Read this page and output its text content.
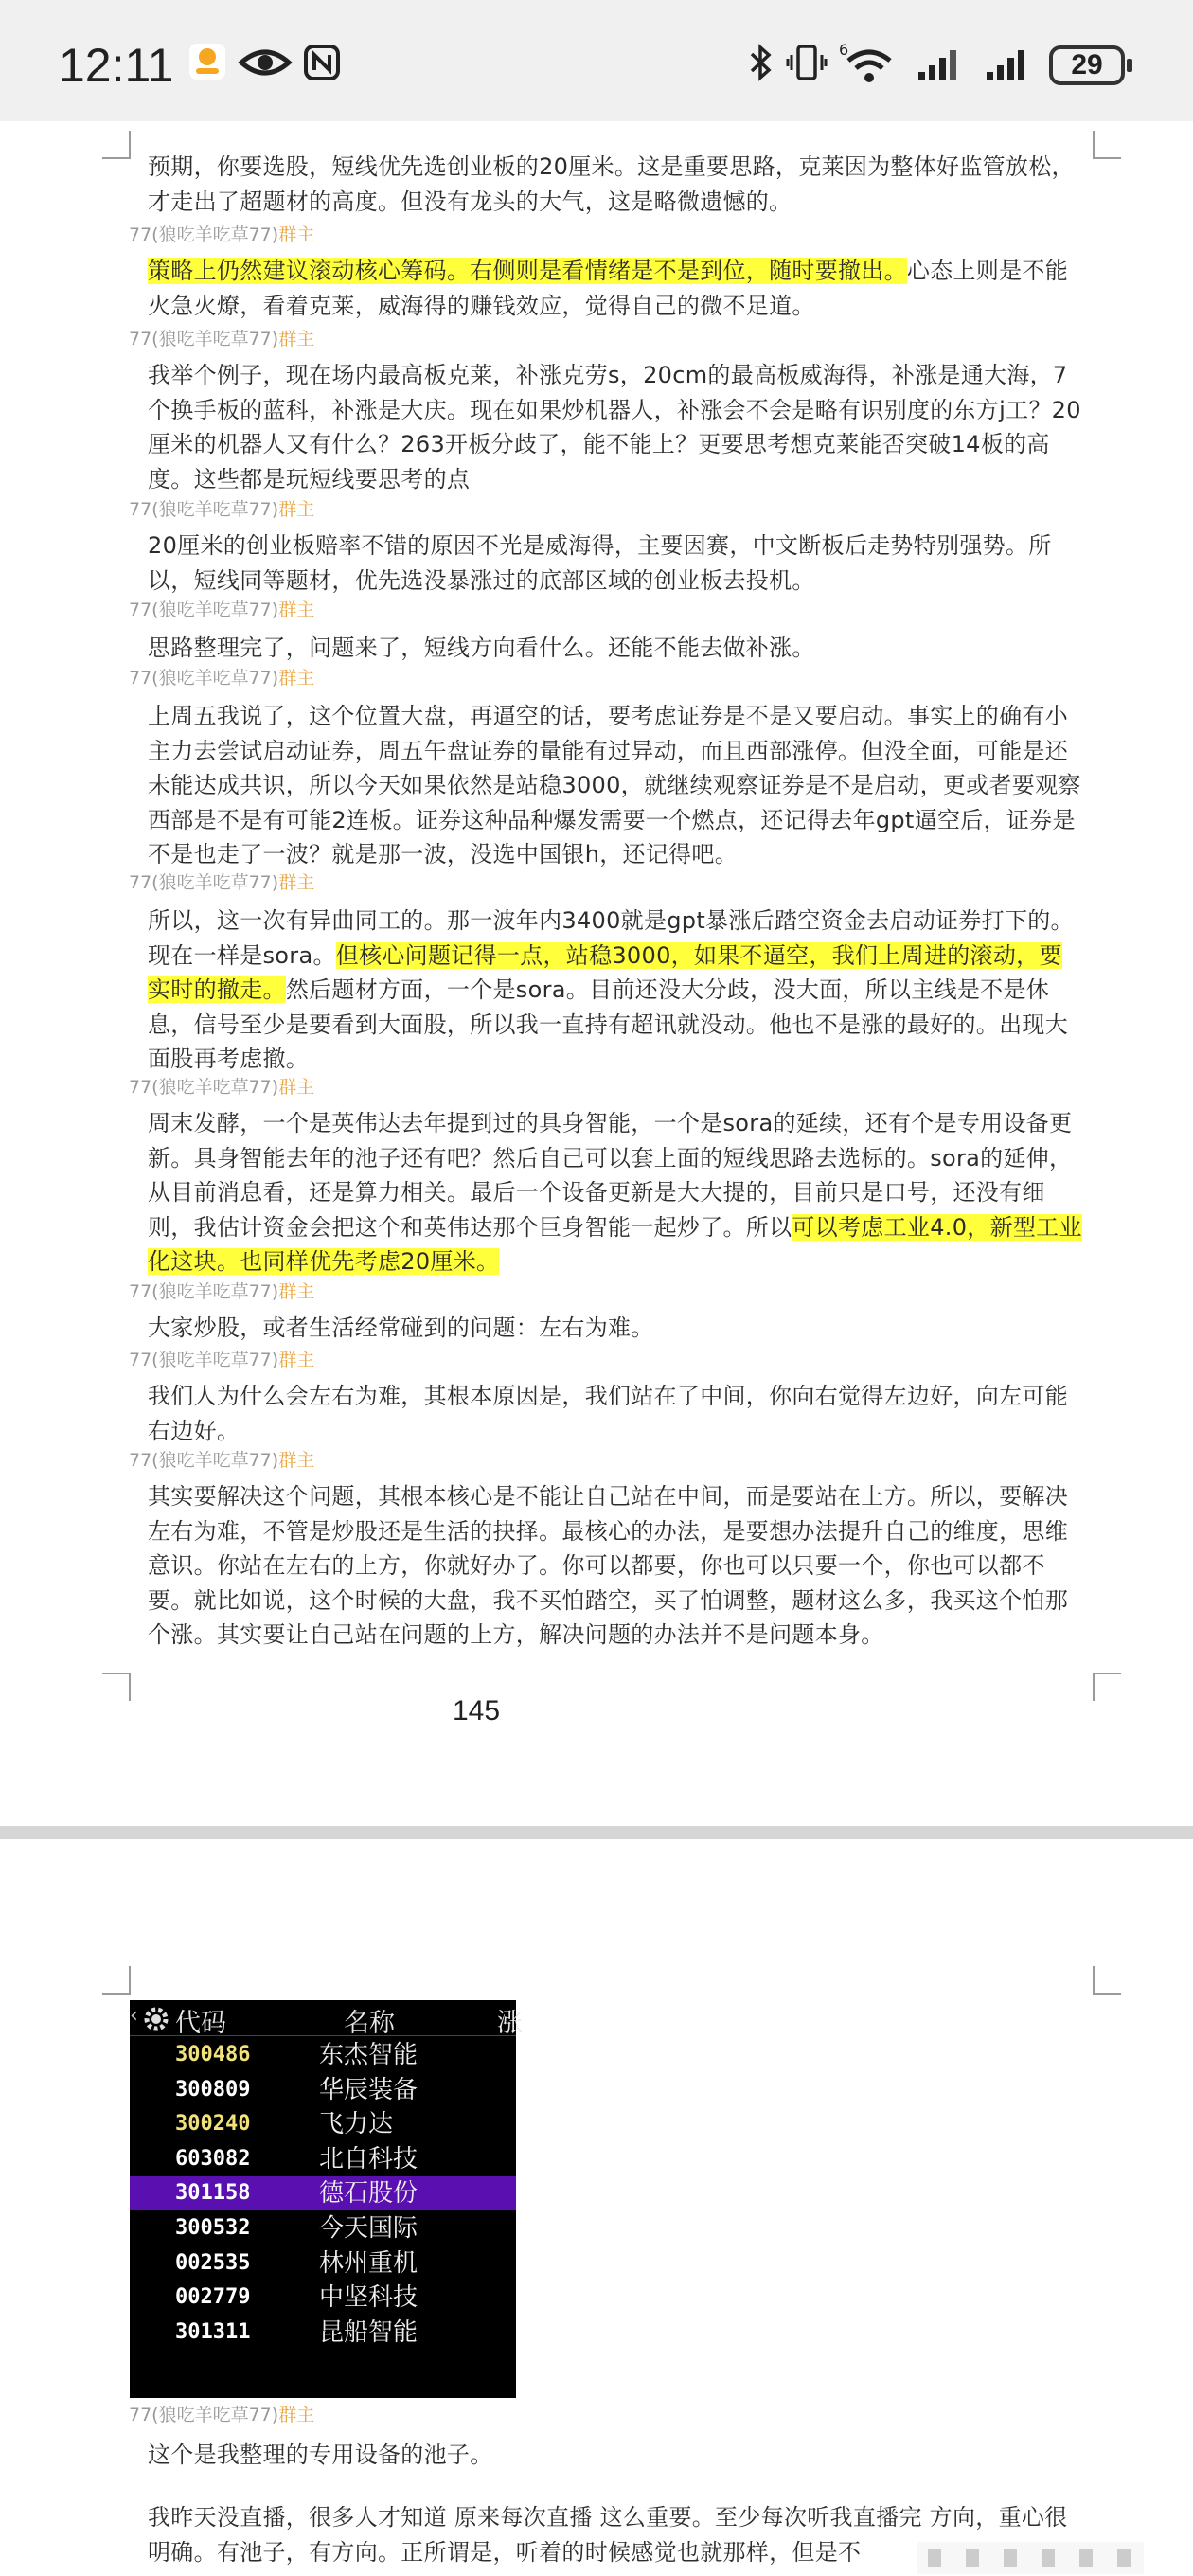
12:11	6	29
预期，你要选股，短线优先选创业板的20厘米。这是重要思路，克莱因为整体好监管放松，才走出了超题材的高度。但没有龙头的大气，这是略微遗憾的。
77(狼吃羊吃草77)群主
策略上仍然建议滚动核心筹码。右侧则是看情绪是不是到位，随时要撤出。心态上则是不能火急火燎，看着克莱，威海得的赚钱效应，觉得自己的微不足道。
77(狼吃羊吃草77)群主
我举个例子，现在场内最高板克莱，补涨克劳s，20cm的最高板威海得，补涨是通大海，7个换手板的蓝科，补涨是大庆。现在如果炒机器人，补涨会不会是略有识别度的东方j工？20厘米的机器人又有什么？263开板分歧了，能不能上？更要思考想克莱能否突破14板的高度。这些都是玩短线要思考的点
77(狼吃羊吃草77)群主
20厘米的创业板赔率不错的原因不光是威海得，主要因赛，中文断板后走势特别强势。所以，短线同等题材，优先选没暴涨过的底部区域的创业板去投机。
77(狼吃羊吃草77)群主
思路整理完了，问题来了，短线方向看什么。还能不能去做补涨。
77(狼吃羊吃草77)群主
上周五我说了，这个位置大盘，再逼空的话，要考虑证券是不是又要启动。事实上的确有小主力去尝试启动证券，周五午盘证券的量能有过异动，而且西部涨停。但没全面，可能是还未能达成共识，所以今天如果依然是站稳3000，就继续观察证券是不是启动，更或者要观察西部是不是有可能2连板。证券这种品种爆发需要一个燃点，还记得去年gpt逼空后，证券是不是也走了一波？就是那一波，没选中国银h，还记得吧。
77(狼吃羊吃草77)群主
所以，这一次有异曲同工的。那一波年内3400就是gpt暴涨后踏空资金去启动证券打下的。现在一样是sora。但核心问题记得一点，站稳3000，如果不逼空，我们上周进的滚动，要实时的撤走。然后题材方面，一个是sora。目前还没大分歧，没大面，所以主线是不是休息，信号至少是要看到大面股，所以我一直持有超讯就没动。他也不是涨的最好的。出现大面股再考虑撤。
77(狼吃羊吃草77)群主
周末发酵，一个是英伟达去年提到过的具身智能，一个是sora的延续，还有个是专用设备更新。具身智能去年的池子还有吧？然后自己可以套上面的短线思路去选标的。sora的延伸，从目前消息看，还是算力相关。最后一个设备更新是大大提的，目前只是口号，还没有细则，我估计资金会把这个和英伟达那个巨身智能一起炒了。所以可以考虑工业4.0，新型工业化这块。也同样优先考虑20厘米。
77(狼吃羊吃草77)群主
大家炒股，或者生活经常碰到的问题：左右为难。
77(狼吃羊吃草77)群主
我们人为什么会左右为难，其根本原因是，我们站在了中间，你向右觉得左边好，向左可能右边好。
77(狼吃羊吃草77)群主
其实要解决这个问题，其根本核心是不能让自己站在中间，而是要站在上方。所以，要解决左右为难，不管是炒股还是生活的抉择。最核心的办法，是要想办法提升自己的维度，思维意识。你站在左右的上方，你就好办了。你可以都要，你也可以只要一个，你也可以都不要。就比如说，这个时候的大盘，我不买怕踏空，买了怕调整，题材这么多，我买这个怕那个涨。其实要让自己站在问题的上方，解决问题的办法并不是问题本身。
145
‹ 代码	名称	涨
300486	东杰智能
300809	华辰装备
300240	飞力达
603082	北自科技
301158	德石股份
300532	今天国际
002535	林州重机
002779	中坚科技
301311	昆船智能
77(狼吃羊吃草77)群主
这个是我整理的专用设备的池子。
我昨天没直播，很多人才知道 原来每次直播 这么重要。至少每次听我直播完 方向，重心很明确。有池子，有方向。正所谓是，听着的时候感觉也就那样，但是不
